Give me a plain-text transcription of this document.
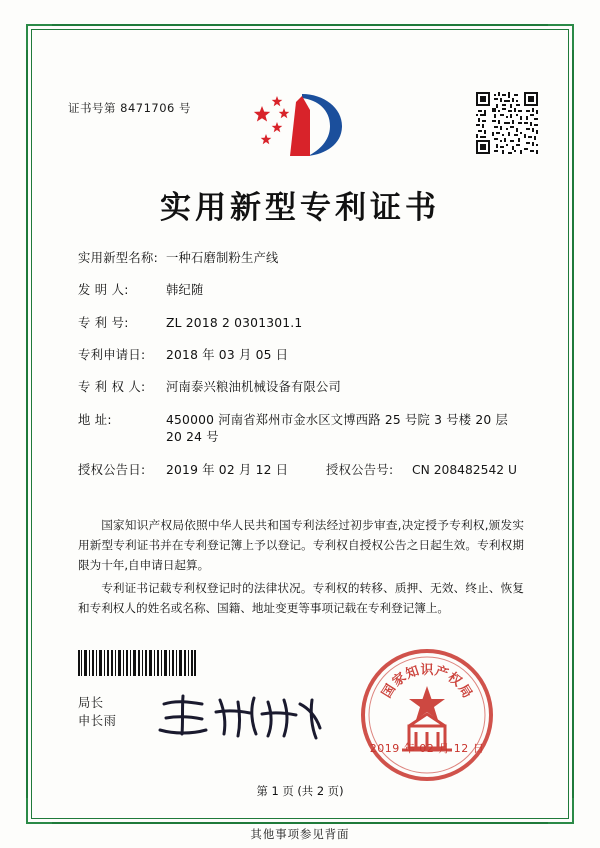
证书号第 8471706 号
实用新型专利证书
实用新型名称: 一种石磨制粉生产线
发 明 人:	韩纪随
专 利 号:	ZL 2018 2 0301301.1
专利申请日:	2018 年 03 月 05 日
专 利 权 人:	河南泰兴粮油机械设备有限公司
地 址:	450000 河南省郑州市金水区文博西路 25 号院 3 号楼 20 层 20 24 号
授权公告日:	2019 年 02 月 12 日	授权公告号:	CN 208482542 U

国家知识产权局依照中华人民共和国专利法经过初步审查,决定授予专利权,颁发实用新型专利证书并在专利登记簿上予以登记。专利权自授权公告之日起生效。专利权期限为十年,自申请日起算。

专利证书记载专利权登记时的法律状况。专利权的转移、质押、无效、终止、恢复和专利权人的姓名或名称、国籍、地址变更等事项记载在专利登记簿上。

局长
申长雨
国
家
知 识 产
权
局
2019 年 02 月 12 日
第 1 页 (共 2 页)
其他事项参见背面
